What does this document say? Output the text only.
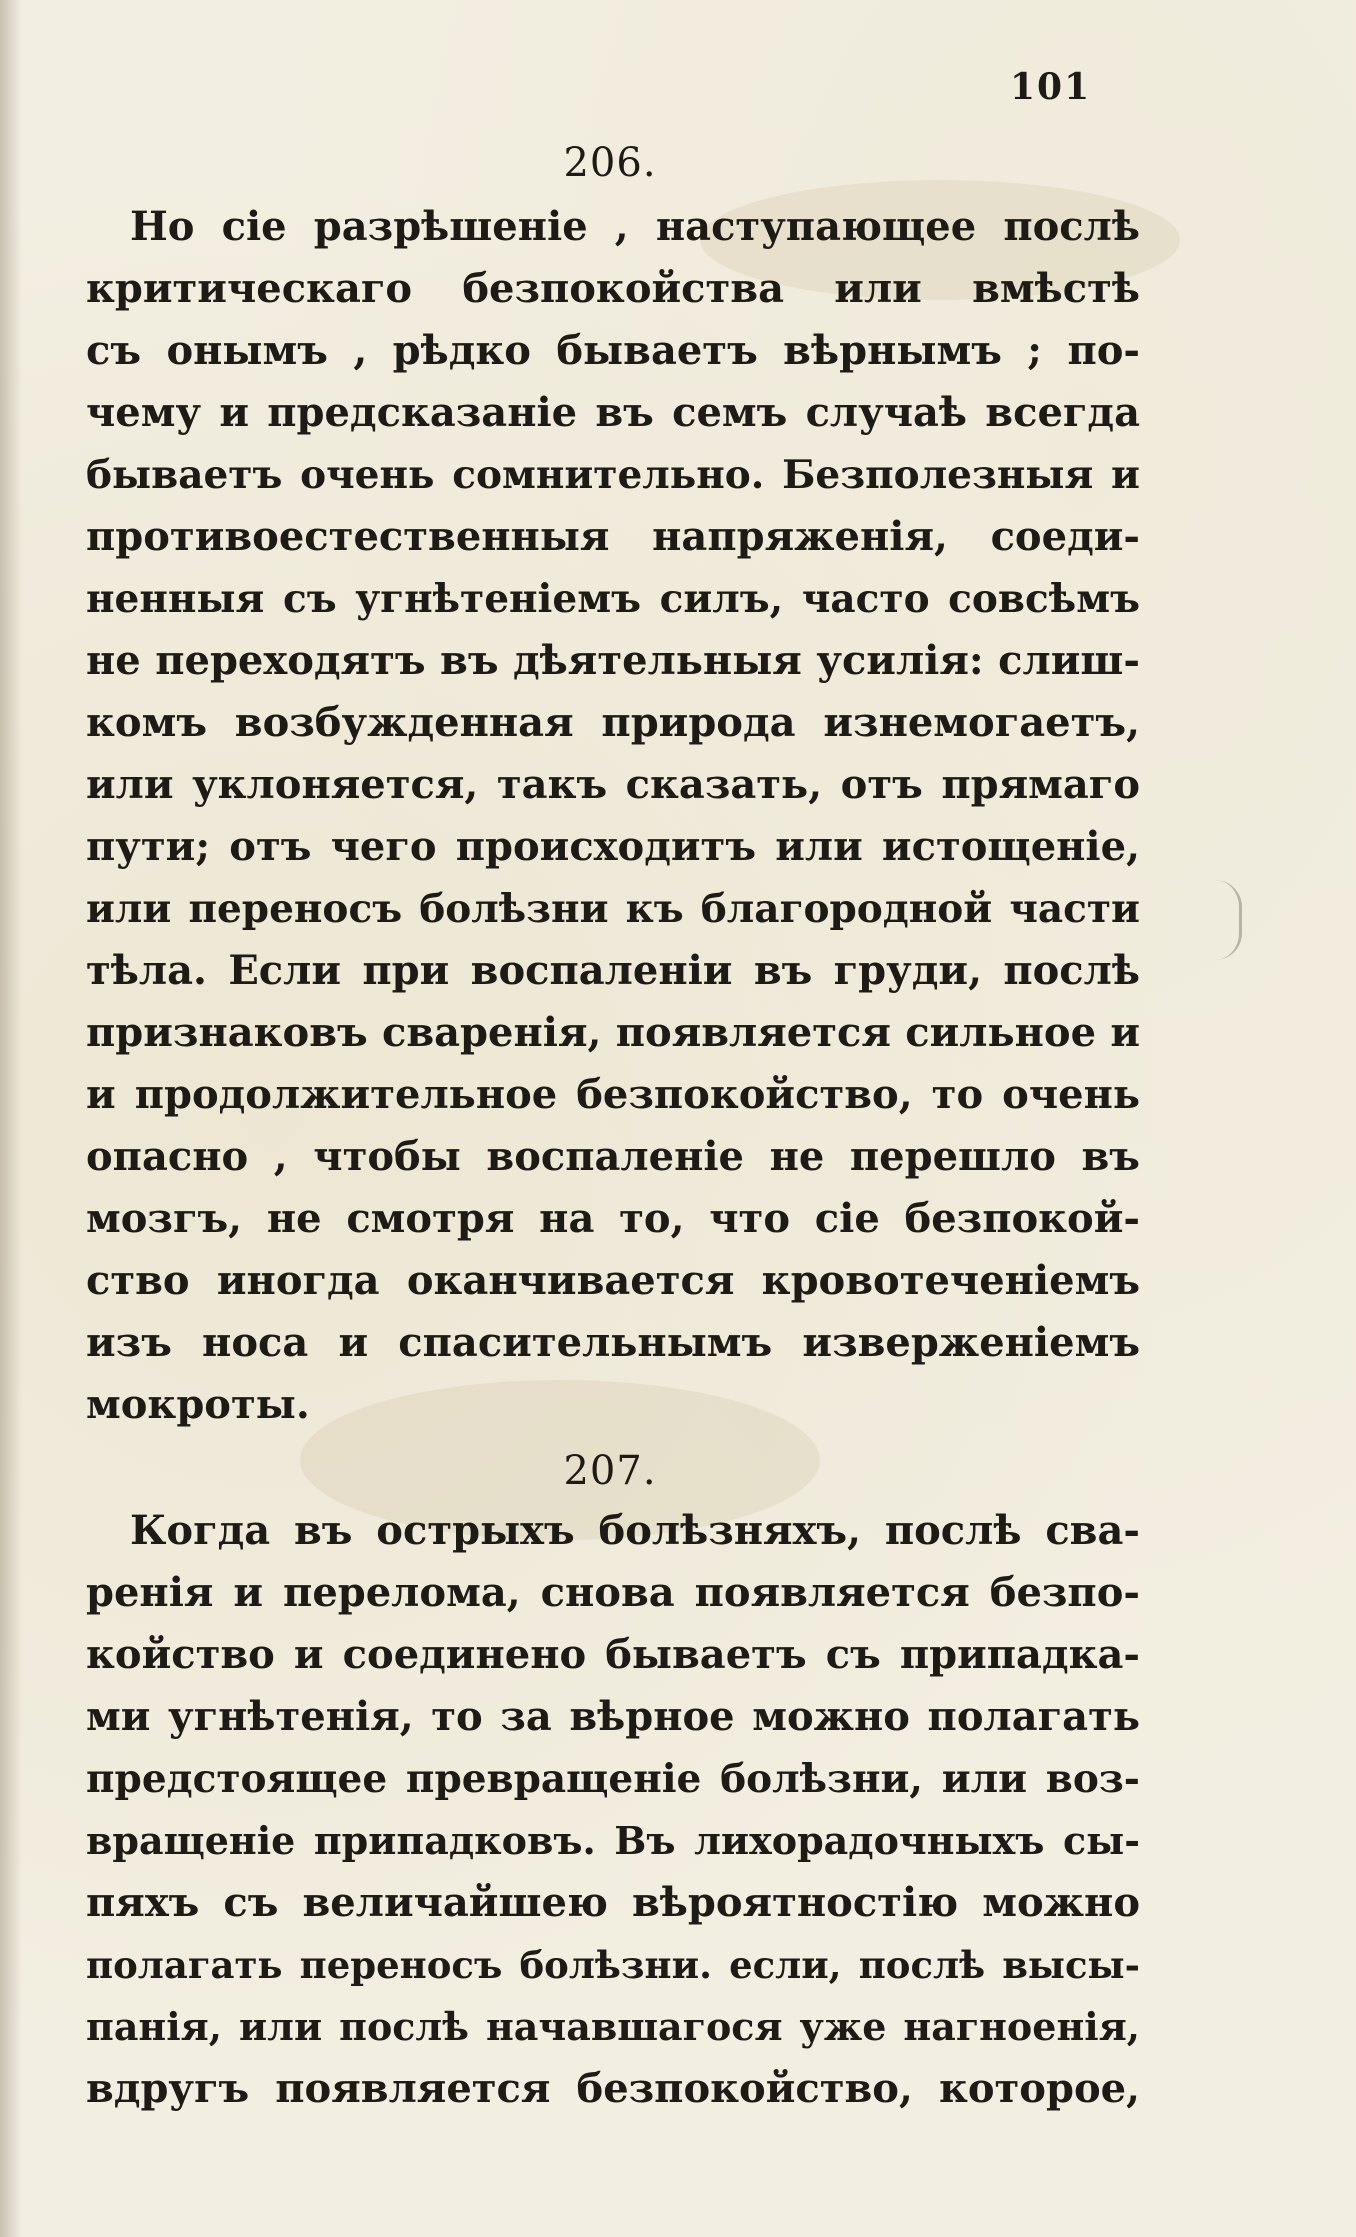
101
206.
Но сіе разрѣшеніе , наступающее послѣ
критическаго безпокойства или вмѣстѣ
съ онымъ , рѣдко бываетъ вѣрнымъ ; по-
чему и предсказаніе въ семъ случаѣ всегда
бываетъ очень сомнительно. Безполезныя и
противоестественныя напряженія, соеди-
ненныя съ угнѣтеніемъ силъ, часто совсѣмъ
не переходятъ въ дѣятельныя усилія: слиш-
комъ возбужденная природа изнемогаетъ,
или уклоняется, такъ сказать, отъ прямаго
пути; отъ чего происходитъ или истощеніе,
или переносъ болѣзни къ благородной части
тѣла. Если при воспаленіи въ груди, послѣ
признаковъ свaренія, появляется сильное и
и продолжительное безпокойство, то очень
опасно , чтобы воспаленіе не перешло въ
мозгъ, не смотря на то, что сіе безпокой-
ство иногда оканчивается кровотеченіемъ
изъ носа и спасительнымъ изверженіемъ
мокроты.
207.
Когда въ острыхъ болѣзняхъ, послѣ сва-
ренія и перелома, снова появляется безпо-
койство и соединено бываетъ съ припадка-
ми угнѣтенія, то за вѣрное можно полагать
предстоящее превращеніе болѣзни, или воз-
вращеніе припадковъ. Въ лихорадочныхъ сы-
пяхъ съ величайшею вѣроятностію можно
полагать переносъ болѣзни. если, послѣ высы-
панія, или послѣ начавшагося уже нагноенія,
вдругъ появляется безпокойство, которое,
